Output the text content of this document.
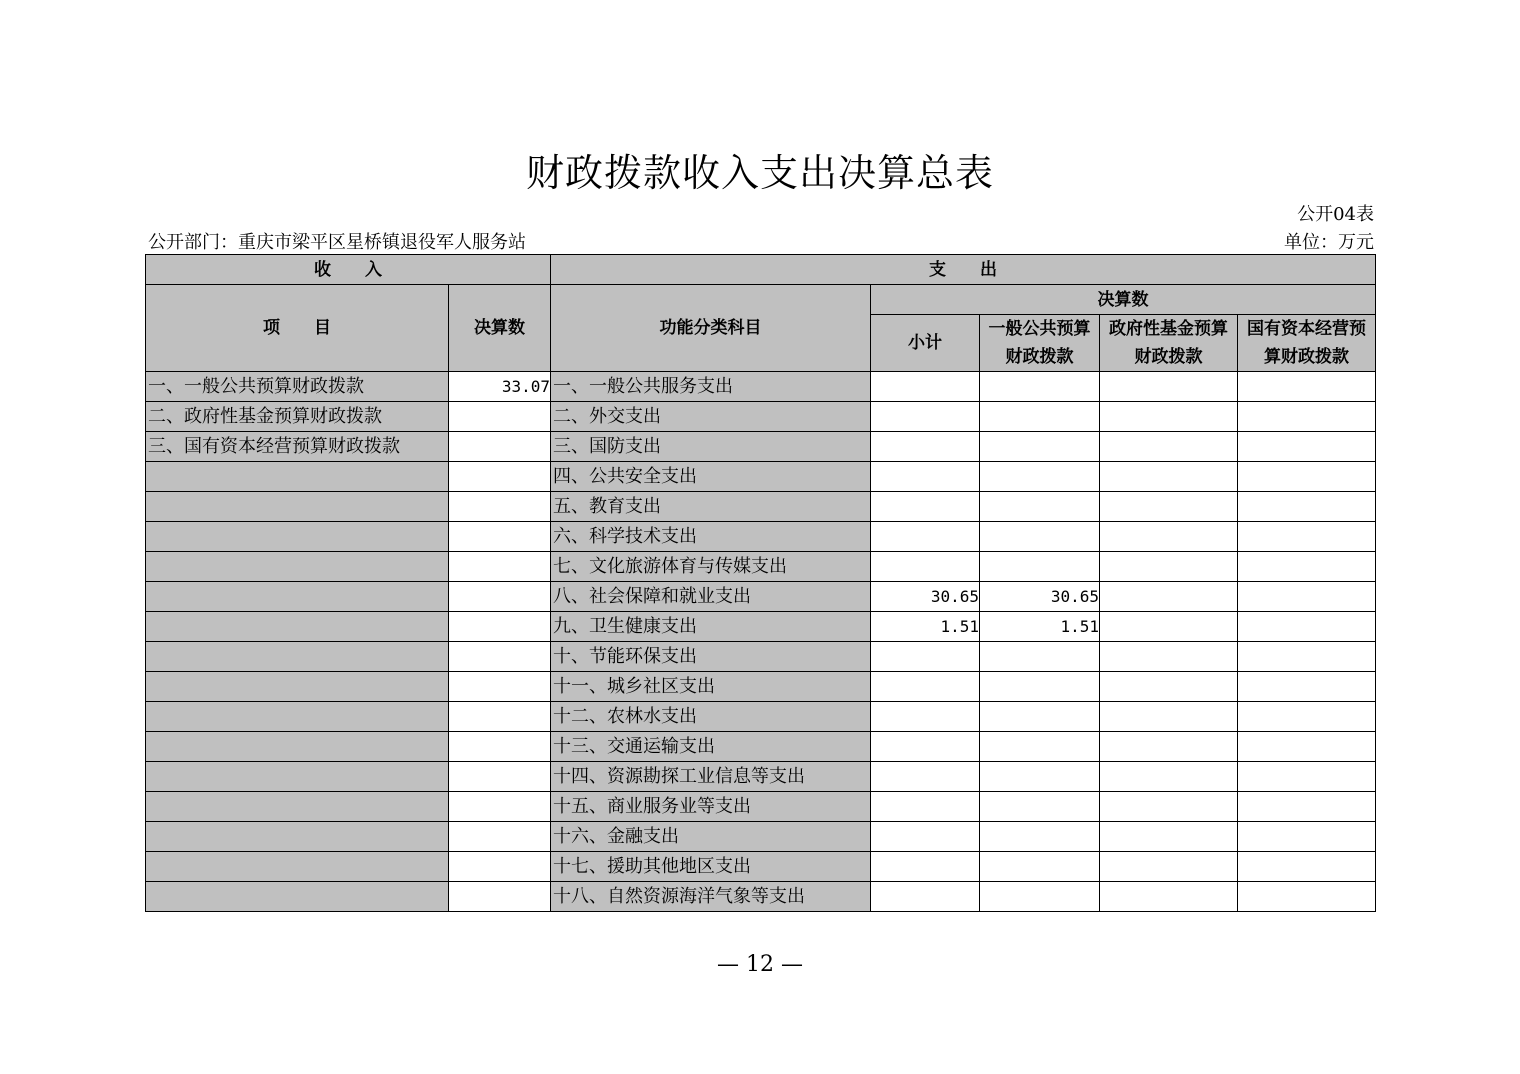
财政拨款收入支出决算总表
公开04表
公开部门：重庆市梁平区星桥镇退役军人服务站	单位：万元
收　　入		支　　出				
项　　目	决算数	功能分类科目	决算数			
			小计	一般公共预算财政拨款	政府性基金预算财政拨款	国有资本经营预算财政拨款

一、一般公共预算财政拨款	33.07	一、一般公共服务支出				
二、政府性基金预算财政拨款		二、外交支出				
三、国有资本经营预算财政拨款		三、国防支出				
		四、公共安全支出				
		五、教育支出				
		六、科学技术支出				
		七、文化旅游体育与传媒支出				
		八、社会保障和就业支出	30.65	30.65		
		九、卫生健康支出	1.51	1.51		
		十、节能环保支出				
		十一、城乡社区支出				
		十二、农林水支出				
		十三、交通运输支出				
		十四、资源勘探工业信息等支出				
		十五、商业服务业等支出				
		十六、金融支出				
		十七、援助其他地区支出				
		十八、自然资源海洋气象等支出				
— 12 —
